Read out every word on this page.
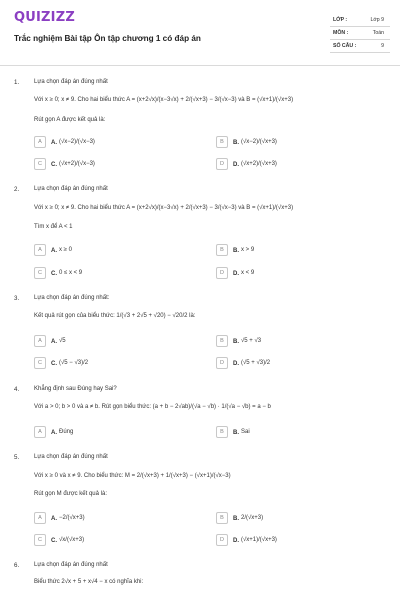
QUIZIZZ
Trắc nghiệm Bài tập Ôn tập chương 1 có đáp án
LỚP :	Lớp 9
MÔN :	Toán
SỐ CÂU :	9
1. Lựa chọn đáp án đúng nhất
Với x ≥ 0; x ≠ 9. Cho hai biểu thức A = (x+2√x)/(x−3√x) + 2/(√x+3) − 3/(√x−3) và B = (√x+1)/(√x+3)
Rút gọn A được kết quả là:
A A. (√x−2)/(√x−3)	B B. (√x−2)/(√x+3)
C C. (√x+2)/(√x−3)	D D. (√x+2)/(√x+3)
2. Lựa chọn đáp án đúng nhất
Với x ≥ 0; x ≠ 9. Cho hai biểu thức A = (x+2√x)/(x−3√x) + 2/(√x+3) − 3/(√x−3) và B = (√x+1)/(√x+3)
Tìm x để A < 1
A A. x ≥ 0	B B. x > 9
C C. 0 ≤ x < 9	D D. x < 9
3. Lựa chọn đáp án đúng nhất:
Kết quả rút gọn của biểu thức: 1/(√3 + 2√5 + √20) − √20/2 là:
A A. √5	B B. √5 + √3
C C. (√5 − √3)/2	D D. (√5 + √3)/2
4. Khẳng định sau Đúng hay Sai?
Với a > 0; b > 0 và a ≠ b. Rút gọn biểu thức: (a + b − 2√ab)/(√a − √b) · 1/(√a − √b) = a − b
A A. Đúng	B B. Sai
5. Lựa chọn đáp án đúng nhất
Với x ≥ 0 và x ≠ 9. Cho biểu thức: M = 2/(√x+3) + 1/(√x+3) − (√x+1)/(√x−3)
Rút gọn M được kết quả là:
A A. −2/(√x+3)	B B. 2/(√x+3)
C C. √x/(√x+3)	D D. (√x+1)/(√x+3)
6. Lựa chọn đáp án đúng nhất
Biểu thức 2√x + 5 + x√4 − x có nghĩa khi:
